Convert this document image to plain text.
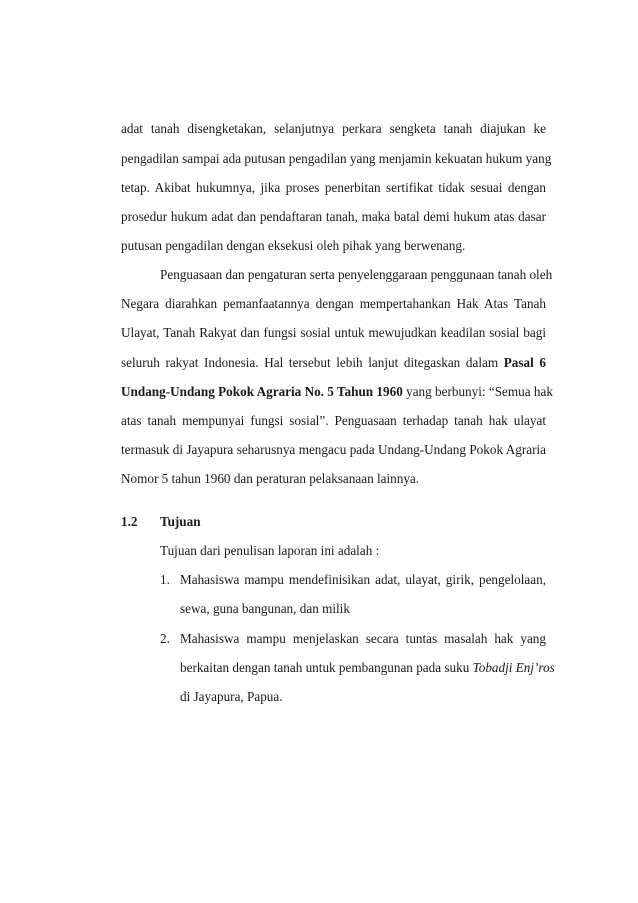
adat tanah disengketakan, selanjutnya perkara sengketa tanah diajukan ke
pengadilan sampai ada putusan pengadilan yang menjamin kekuatan hukum yang
tetap. Akibat hukumnya, jika proses penerbitan sertifikat tidak sesuai dengan
prosedur hukum adat dan pendaftaran tanah, maka batal demi hukum atas dasar
putusan pengadilan dengan eksekusi oleh pihak yang berwenang.
Penguasaan dan pengaturan serta penyelenggaraan penggunaan tanah oleh
Negara diarahkan pemanfaatannya dengan mempertahankan Hak Atas Tanah
Ulayat, Tanah Rakyat dan fungsi sosial untuk mewujudkan keadilan sosial bagi
seluruh rakyat Indonesia. Hal tersebut lebih lanjut ditegaskan dalam Pasal 6
Undang-Undang Pokok Agraria No. 5 Tahun 1960 yang berbunyi: “Semua hak
atas tanah mempunyai fungsi sosial”. Penguasaan terhadap tanah hak ulayat
termasuk di Jayapura seharusnya mengacu pada Undang-Undang Pokok Agraria
Nomor 5 tahun 1960 dan peraturan pelaksanaan lainnya.
1.2 Tujuan
Tujuan dari penulisan laporan ini adalah :
1. Mahasiswa mampu mendefinisikan adat, ulayat, girik, pengelolaan,
sewa, guna bangunan, dan milik
2. Mahasiswa mampu menjelaskan secara tuntas masalah hak yang
berkaitan dengan tanah untuk pembangunan pada suku Tobadji Enj’ros
di Jayapura, Papua.
